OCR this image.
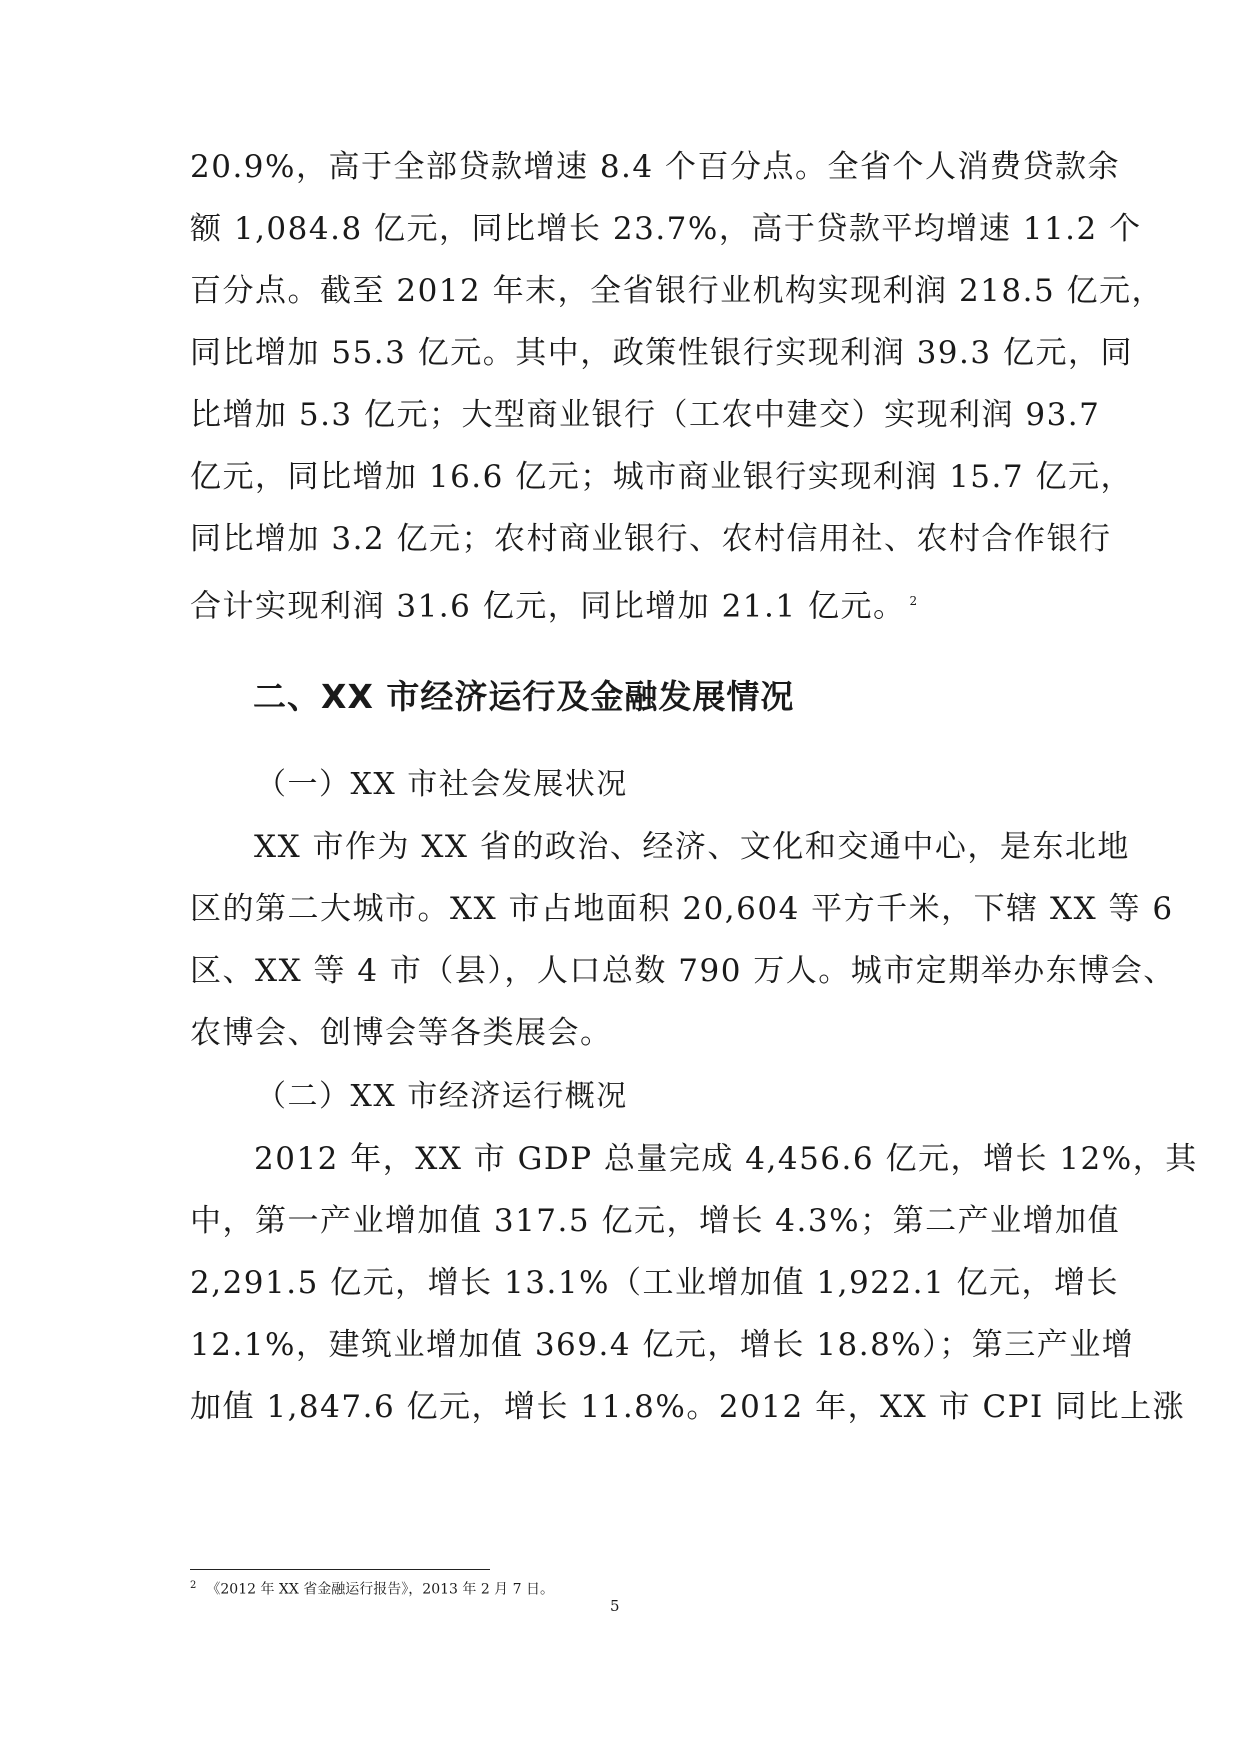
20.9%，高于全部贷款增速 8.4 个百分点。全省个人消费贷款余
额 1,084.8 亿元，同比增长 23.7%，高于贷款平均增速 11.2 个
百分点。截至 2012 年末，全省银行业机构实现利润 218.5 亿元，
同比增加 55.3 亿元。其中，政策性银行实现利润 39.3 亿元，同
比增加 5.3 亿元；大型商业银行（工农中建交）实现利润 93.7
亿元，同比增加 16.6 亿元；城市商业银行实现利润 15.7 亿元，
同比增加 3.2 亿元；农村商业银行、农村信用社、农村合作银行
合计实现利润 31.6 亿元，同比增加 21.1 亿元。 $^2$
二、XX 市经济运行及金融发展情况
（一）XX 市社会发展状况
XX 市作为 XX 省的政治、经济、文化和交通中心，是东北地
区的第二大城市。XX 市占地面积 20,604 平方千米，下辖 XX 等 6
区、XX 等 4 市（县），人口总数 790 万人。城市定期举办东博会、
农博会、创博会等各类展会。
（二）XX 市经济运行概况
2012 年，XX 市 GDP 总量完成 4,456.6 亿元，增长 12%，其
中，第一产业增加值 317.5 亿元，增长 4.3%；第二产业增加值
2,291.5 亿元，增长 13.1%（工业增加值 1,922.1 亿元，增长
12.1%，建筑业增加值 369.4 亿元，增长 18.8%）；第三产业增
加值 1,847.6 亿元，增长 11.8%。2012 年，XX 市 CPI 同比上涨
$^2$ 《2012 年 XX 省金融运行报告》，2013 年 2 月 7 日。
5
